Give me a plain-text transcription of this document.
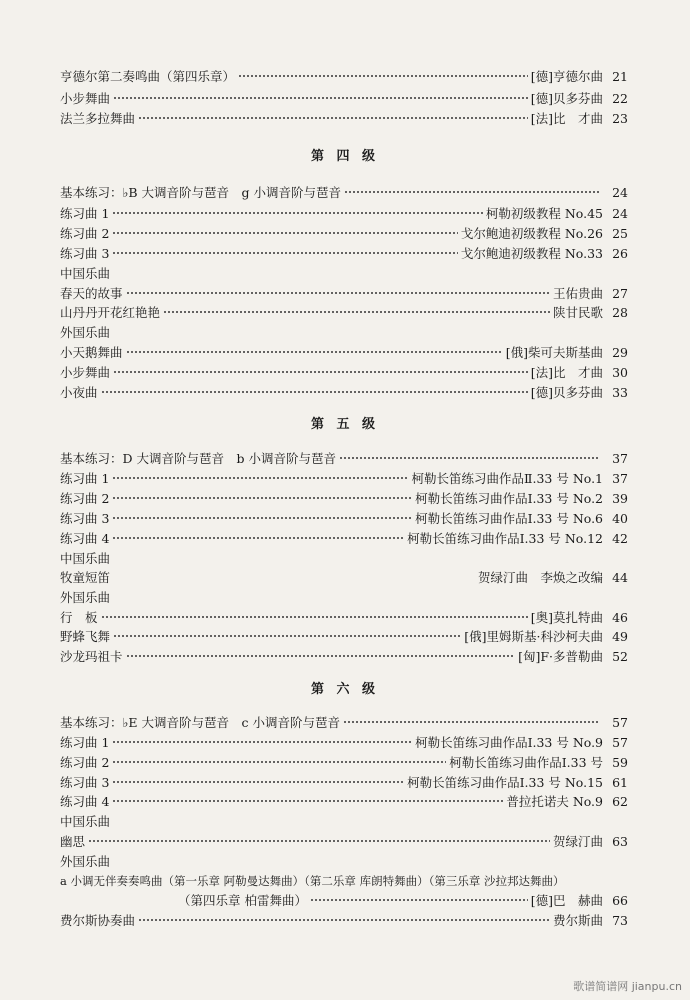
亨德尔第二奏鸣曲（第四乐章）	[德]亨德尔曲 21
小步舞曲	[德]贝多芬曲 22
法兰多拉舞曲	[法]比　才曲 23
第 四 级
基本练习：♭B 大调音阶与琶音　g 小调音阶与琶音	24
练习曲 1	柯勒初级教程 No.45 24
练习曲 2	戈尔鲍迪初级教程 No.26 25
练习曲 3	戈尔鲍迪初级教程 No.33 26
中国乐曲
春天的故事	王佑贵曲 27
山丹丹开花红艳艳	陕甘民歌 28
外国乐曲
小天鹅舞曲	[俄]柴可夫斯基曲 29
小步舞曲	[法]比　才曲 30
小夜曲	[德]贝多芬曲 33
第 五 级
基本练习：D 大调音阶与琶音　b 小调音阶与琶音	37
练习曲 1	柯勒长笛练习曲作品Ⅱ.33 号 No.1 37
练习曲 2	柯勒长笛练习曲作品Ⅰ.33 号 No.2 39
练习曲 3	柯勒长笛练习曲作品Ⅰ.33 号 No.6 40
练习曲 4	柯勒长笛练习曲作品Ⅰ.33 号 No.12 42
中国乐曲
牧童短笛	贺绿汀曲　李焕之改编 44
外国乐曲
行　板	[奥]莫扎特曲 46
野蜂飞舞	[俄]里姆斯基·科沙柯夫曲 49
沙龙玛祖卡	[匈]F·多普勒曲 52
第 六 级
基本练习：♭E 大调音阶与琶音　c 小调音阶与琶音	57
练习曲 1	柯勒长笛练习曲作品Ⅰ.33 号 No.9 57
练习曲 2	柯勒长笛练习曲作品Ⅰ.33 号 59
练习曲 3	柯勒长笛练习曲作品Ⅰ.33 号 No.15 61
练习曲 4	普拉托诺夫 No.9 62
中国乐曲
幽思	贺绿汀曲 63
外国乐曲
a 小调无伴奏奏鸣曲（第一乐章 阿勒曼达舞曲）（第二乐章 库朗特舞曲）（第三乐章 沙拉邦达舞曲）
（第四乐章 柏雷舞曲）	[德]巴　赫曲 66
费尔斯协奏曲	费尔斯曲 73
歌谱简谱网 jianpu.cn
